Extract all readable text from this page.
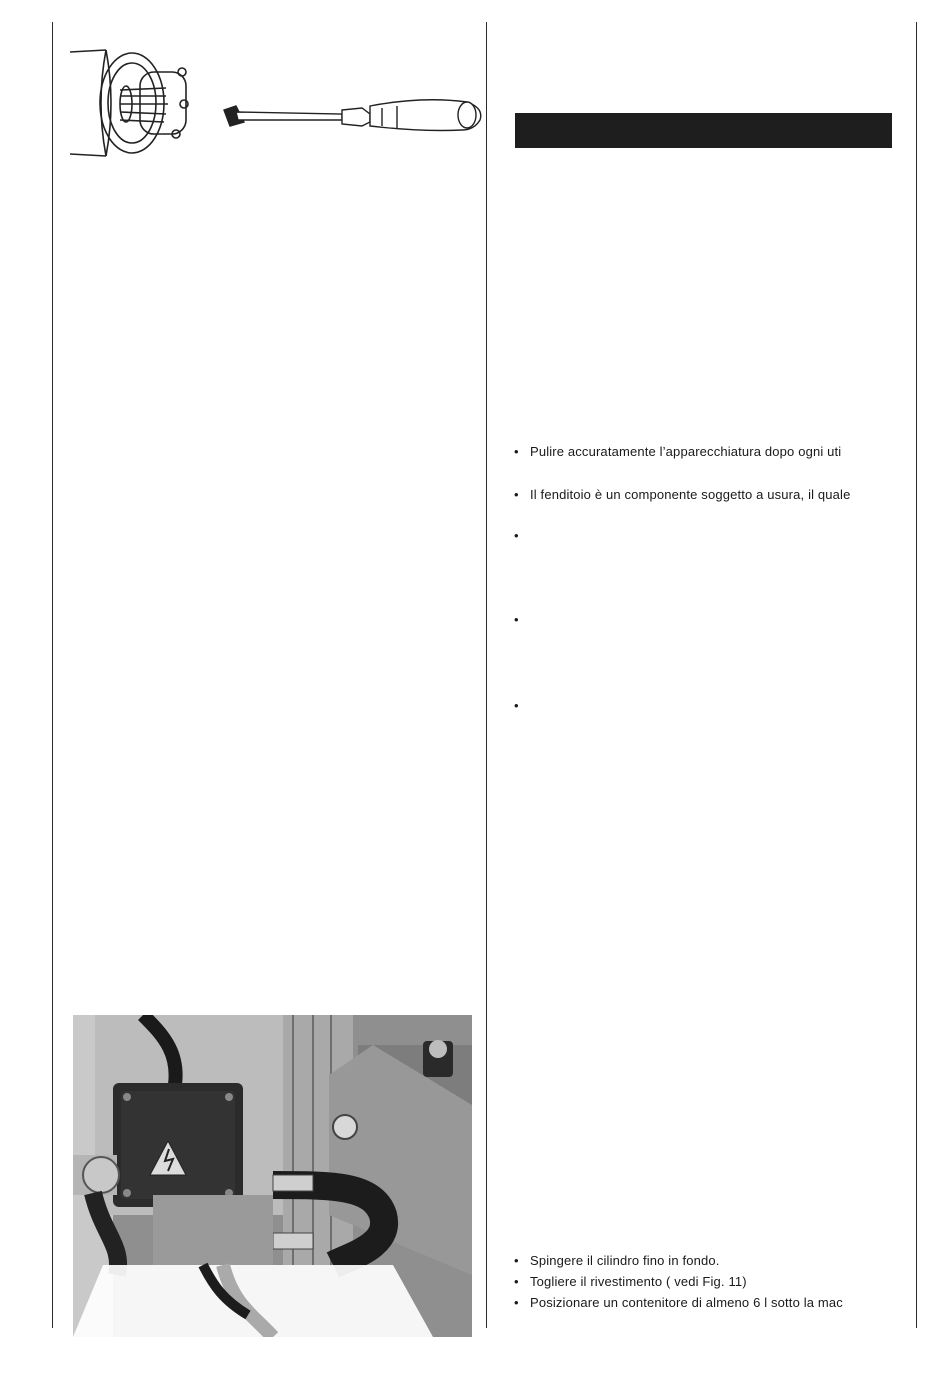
• Pulire accuratamente l’apparecchiatura dopo ogni uti
• Il fenditoio è un componente soggetto a usura, il quale
•
•
•
• Spingere il cilindro fino in fondo.
• Togliere il rivestimento ( vedi Fig. 11)
• Posizionare un contenitore di almeno 6 l sotto la mac
